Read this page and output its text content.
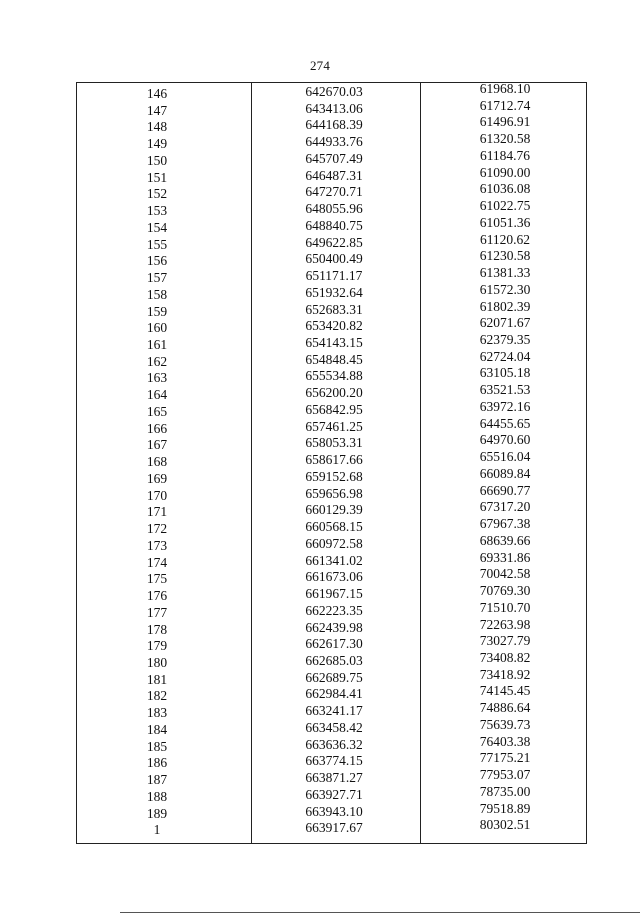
274
146	642670.03	61968.10
147	643413.06	61712.74
148	644168.39	61496.91
149	644933.76	61320.58
150	645707.49	61184.76
151	646487.31	61090.00
152	647270.71	61036.08
153	648055.96	61022.75
154	648840.75	61051.36
155	649622.85	61120.62
156	650400.49	61230.58
157	651171.17	61381.33
158	651932.64	61572.30
159	652683.31	61802.39
160	653420.82	62071.67
161	654143.15	62379.35
162	654848.45	62724.04
163	655534.88	63105.18
164	656200.20	63521.53
165	656842.95	63972.16
166	657461.25	64455.65
167	658053.31	64970.60
168	658617.66	65516.04
169	659152.68	66089.84
170	659656.98	66690.77
171	660129.39	67317.20
172	660568.15	67967.38
173	660972.58	68639.66
174	661341.02	69331.86
175	661673.06	70042.58
176	661967.15	70769.30
177	662223.35	71510.70
178	662439.98	72263.98
179	662617.30	73027.79
180	662685.03	73408.82
181	662689.75	73418.92
182	662984.41	74145.45
183	663241.17	74886.64
184	663458.42	75639.73
185	663636.32	76403.38
186	663774.15	77175.21
187	663871.27	77953.07
188	663927.71	78735.00
189	663943.10	79518.89
1	663917.67	80302.51
